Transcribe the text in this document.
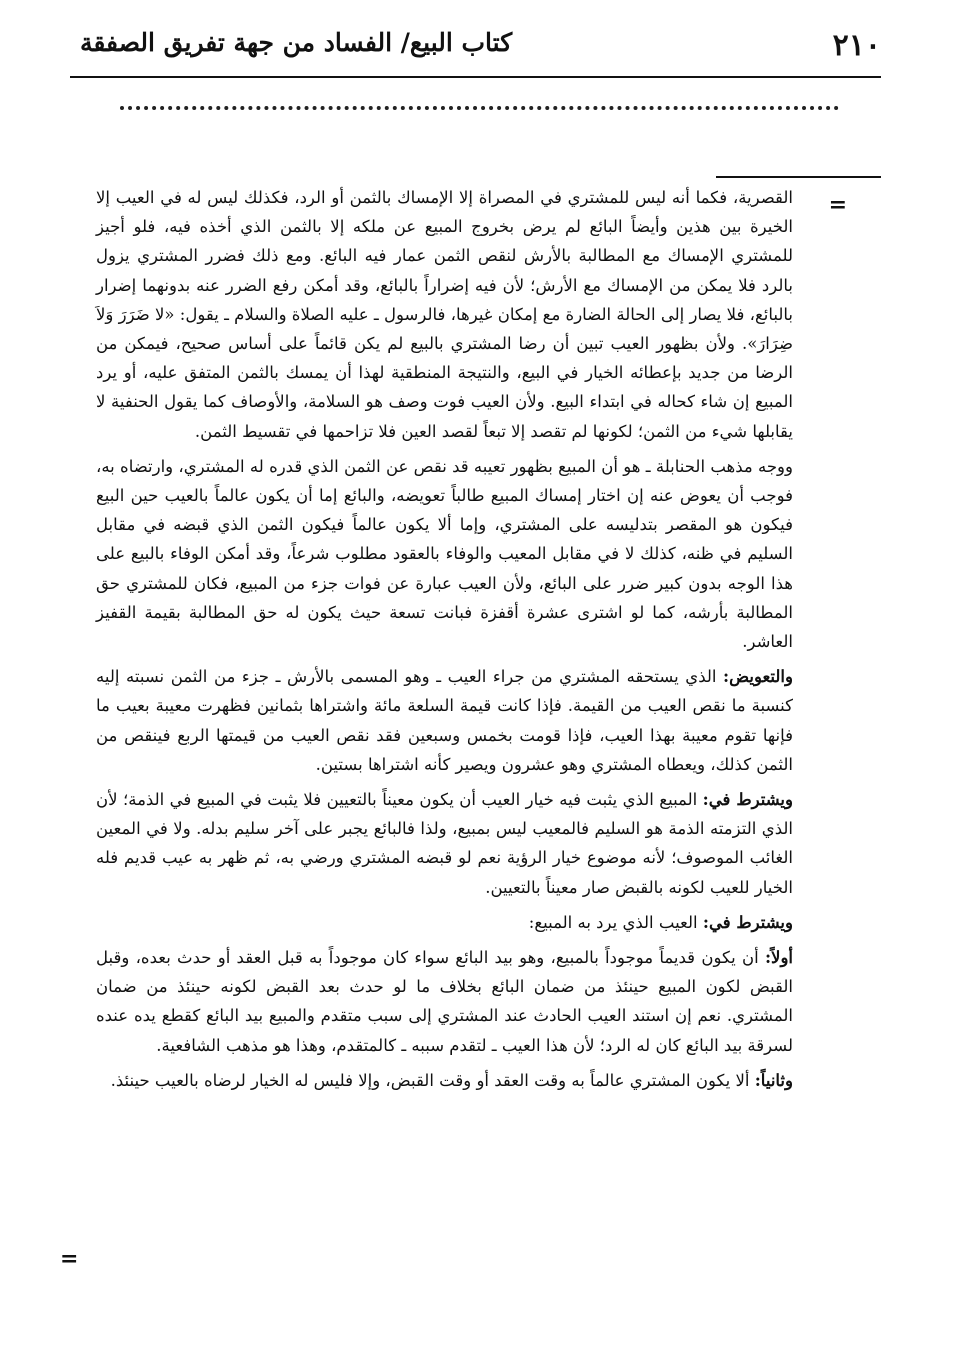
٢١٠
كتاب البيع/ الفساد من جهة تفريق الصفقة
=

القصرية، فكما أنه ليس للمشتري في المصراة إلا الإمساك بالثمن أو الرد، فكذلك ليس له في العيب إلا الخيرة بين هذين وأيضاً البائع لم يرض بخروج المبيع عن ملكه إلا بالثمن الذي أخذه فيه، فلو أجيز للمشتري الإمساك مع المطالبة بالأرش لنقص الثمن عمار فيه البائع. ومع ذلك فضرر المشتري يزول بالرد فلا يمكن من الإمساك مع الأرش؛ لأن فيه إضراراً بالبائع، وقد أمكن رفع الضرر عنه بدونهما إضرار بالبائع، فلا يصار إلى الحالة الضارة مع إمكان غيرها، فالرسول ـ عليه الصلاة والسلام ـ يقول: «لا ضَرَرَ وَلاَ ضِرَارَ». ولأن بظهور العيب تبين أن رضا المشتري بالبيع لم يكن قائماً على أساس صحيح، فيمكن من الرضا من جديد بإعطائه الخيار في البيع، والنتيجة المنطقية لهذا أن يمسك بالثمن المتفق عليه، أو يرد المبيع إن شاء كحاله في ابتداء البيع. ولأن العيب فوت وصف هو السلامة، والأوصاف كما يقول الحنفية لا يقابلها شيء من الثمن؛ لكونها لم تقصد إلا تبعاً لقصد العين فلا تزاحمها في تقسيط الثمن.

ووجه مذهب الحنابلة ـ هو أن المبيع بظهور تعيبه قد نقص عن الثمن الذي قدره له المشتري، وارتضاه به، فوجب أن يعوض عنه إن اختار إمساك المبيع طالباً تعويضه، والبائع إما أن يكون عالماً بالعيب حين البيع فيكون هو المقصر بتدليسه على المشتري، وإما ألا يكون عالماً فيكون الثمن الذي قبضه في مقابل السليم في ظنه، كذلك لا في مقابل المعيب والوفاء بالعقود مطلوب شرعاً، وقد أمكن الوفاء بالبيع على هذا الوجه بدون كبير ضرر على البائع، ولأن العيب عبارة عن فوات جزء من المبيع، فكان للمشتري حق المطالبة بأرشه، كما لو اشترى عشرة أقفزة فبانت تسعة حيث يكون له حق المطالبة بقيمة القفيز العاشر.

والتعويض: الذي يستحقه المشتري من جراء العيب ـ وهو المسمى بالأرش ـ جزء من الثمن نسبته إليه كنسبة ما نقص العيب من القيمة. فإذا كانت قيمة السلعة مائة واشتراها بثمانين فظهرت معيبة بعيب ما فإنها تقوم معيبة بهذا العيب، فإذا قومت بخمس وسبعين فقد نقص العيب من قيمتها الربع فينقص من الثمن كذلك، ويعطاه المشتري وهو عشرون ويصير كأنه اشتراها بستين.

ويشترط في: المبيع الذي يثبت فيه خيار العيب أن يكون معيناً بالتعيين فلا يثبت في المبيع في الذمة؛ لأن الذي التزمته الذمة هو السليم فالمعيب ليس بمبيع، ولذا فالبائع يجبر على آخر سليم بدله. ولا في المعين الغائب الموصوف؛ لأنه موضوع خيار الرؤية نعم لو قبضه المشتري ورضي به، ثم ظهر به عيب قديم فله الخيار للعيب لكونه بالقبض صار معيناً بالتعيين.

ويشترط في: العيب الذي يرد به المبيع:

أولاً: أن يكون قديماً موجوداً بالمبيع، وهو بيد البائع سواء كان موجوداً به قبل العقد أو حدث بعده، وقبل القبض لكون المبيع حينئذ من ضمان البائع بخلاف ما لو حدث بعد القبض لكونه حينئذ من ضمان المشتري. نعم إن استند العيب الحادث عند المشتري إلى سبب متقدم والمبيع بيد البائع كقطع يده عنده لسرقة بيد البائع كان له الرد؛ لأن هذا العيب ـ لتقدم سببه ـ كالمتقدم، وهذا هو مذهب الشافعية.

وثانياً: ألا يكون المشتري عالماً به وقت العقد أو وقت القبض، وإلا فليس له الخيار لرضاه بالعيب حينئذ.

=
